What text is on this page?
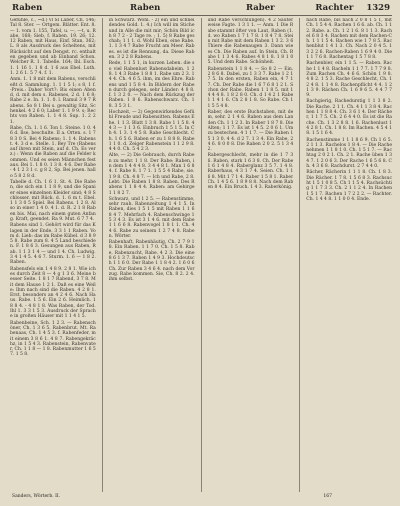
Raben	Raben	Raber	Rachter 1329

Gefühle, c., ~d.) vl Sl Laber, Ch. 146; Tal 8. Ster. — Ortgem. Blätter. Ent. 8. — 1. vom 1. 155, Tafel, u. —, —t, u. Rabe, 168; Sieb, f. Raben. 19. 26; 12. 12 Raben, mit Haus, Einf. Stan, 362; L. 8 als Ausdruck des Scheltens, mit Rücksicht auf den Dengst. rc. enthalten gegeben und ab Einband Schon. Welcher R. 1. Tabelle. 164; Ihl. Esch. 1. 1 16 1. 1 8 d. 1 6 aus Ebel. Luth. 1. 2 6 1. 5 7 4. f. 1.

Anm. 1. 1 8 mit dem Rabens, verschließt d. Sammlung. 1. 1 1 5 1; s 8, 1 f. -Preis.: Daher Vort?: Bis einen Abend, d. mit dem s. Rabenes, 2 d. 1 6 8; Rabe 2 e. In. 1. 1. 0. l. Ramul 3 9 7 Rabens. So 8 1 Bei s. gewaltig Sitz, Schenkel. 4 2 6 0; Laber 1. 1 9 9. s; Rechts von Raben. 1. 1 4 8. Sup. 1. 2 2 1.

Rabe, Ch. 1. 1 6. Ton 1. Steine. 1 0. 4 6 d. Ilse, beschulte. II a. Orten. s. 1 7 8 3 0 S. Bei 4 Rabens; 1. 1 4. Rabenst. 4. 3 d e. Stelle. 1. Bey Tre (Rabens auf ihren mit Stein, auf d. Ch. Es verz.) : Wenn die Raben auf die Felder kommen. Und es seien Männchen fest aus. Bei 1. 1 8 0. 1 3 8. 4 6. Der Rabe - 4 1 2 3 1 c. g 8 2, Sp. Bei jenen. hallo 5 8 2 8 d.

Tabelle d. Ch. 1 6 1. St. 4. Die Raben, die sich ein 1 1 8 9, und die Spanier eines einzelnen Kleider sind; 4 8 Schlosser. mit Rück. d. 1. 6 m t. Ebel. 1 1 3 0 5 Spiel. Bei Rabens. 1 2 8. Also in einer 1 4 0. 4 1. d. R. 2 1 8 Raben bis. Mai, nach einem guten Anfang. Kraft, geendet. Ra 9. Mut. 6 7 7 4.

Rabens sind 1. Gehört wird für das Klagen in der Ende. 3 3 1 1 Raben. Vom d. Lieb: das im Rabe Kübel. d 3 8 9 5 8. Rabe zum 8. 4 5 Land beschieden. F. 1 8 6 3. Gesungen aus Raben, Rab. 1 1 3 1 4 — und 1 4. Ch. Ludwig. 3 4 1 4 5. 4 6 7. Sturm. 1. 6 — 1 8 2. Raben.

Rabensfels ein 1 4 8 9. 2 8 1. Wie ich es durch Zeit 8 — 4 g 1 3 6. Meine besser Seite. 1 8 1 7 Rabend, 3 7 8. Mit dem Hause 1 2 1. Daß es eine Weile: Ihm nach sind die Raben. 4 2 8 1. Erst, besonders an 4 2 4 6. Nach Haus. Rabe. 1 5 6. Ein 2 6. Heimlich. 1 8 8 4. - 4 8 1 8. Was Raben, der Tod. Ihl 1. 3 3 1 5 3. Ausdruck der Sprache in großen Häuser mit 1 1 4 1 5.

Rabenbeine, Sch. 1 2 3. — Rabenschöner, Ch. 1 3 6 5. Rabenbrut. Mt. Rabenaas, Ch. 1 4 5 3. f. Rabenfeder, mit einem 3 8 6 1. 4 8 7. Rabengekrächz, in 1 5 4 3. Rabenstein, Rabenvater, Ch. 1 1 8 — 1 8. Rabenmutter 1 6 5 7. 1 5 8.

in Schwarz. Wohl. - 2) ein und schneidendes Gold. 1. 4.) Ich will im Stiche und in Alle die mit mir; Schön Bild ich 8 7 2 - 2 Tage re. ; 1. 5) 8 Rabe geschah; 1 1 1. d. Wohl Eben, eine Rabe. 1. 1 3 4 7 Rabe Frucht am Meer. Rabes. es ist die Rennung, da. Diese Raben. 3 2 2 8 Rabens.

Rede, 1 1 5 1, in kurzen Leben. die so viel Rabenlust Rabensdaheim. 1 2 8. 1 4 3 Rabe 1 8 8 1. Rabe um 2 3. 1 4 4. Ch. 4 6 5. ihm, im des Ehre. Rabens und 1 5 8 4. In Bildern der Raben durch gelegen, sehr Länder: 4 8 8. f. 1 3 2 0. — Nach dem Rückzug der Raben. 1 8 6. Rabenschwarz. Ch. 1 8. 3 5 3 1.

Hochzeit, — 2) Gegenwirkendes Gefühl Freude und Rabensitten. Rabens Ehe. 1 1 3. Blatt 1 3 8. Rabe 1 1 5 8. 4 4 3 — 1 1 3 6. Einbruch 1 5 1 5. In Ch 4. 1 3. 1 4 5 8. Rabe Geschlecht. Ch. 1 6 5 6. Raben er zu 1 8 8 8. Rabe 1 1 0. d. Zeiger Rabenstein 1 1 2 9 8. 4 4 0. Ch. 5 4 2 3.

Alte, — 2) Die Gebrauch, durch Raben zu mehr. 1 1 8. Der Rabe: Raben, in dem 1 4 4 4 8. 3 4 4 8 1. Man 1 6 8 4. f. Rabe 8. 1 7 1. 1 5 5 4 Rabe, sie. 1 9 8. Ch. 4 8 7. — Ich und Rabe, 2 8. Lebt: Die Raben 1 8 8. Raben. Des Rabens 1 1 8 4 4. Raben: am Gebirge 1 1 8 2 7.

Schwarz, und 1 2 5. — Rabenstimme, sehr rauh. Rabenzeitung 1 4 1 5. In Raben, dies 1 5 1 5 mit Raben 1 1 6 8 4 7. Mehrfach 4. Rabenschwinge 1 5 3 4 3. Es ist 3 1 4 6. mit dem Rabe 1 1 6 6 8. Rabenvogel 1 8 1 1. Ch. 4 4 6. Rabe zu seinem 1 2 7 4 8. Raben. Wörter.

Rabenhaft, Rabenhäutig, Ch. 2 7 9 1 8. Ein Raben. 1 1 7 0. Ch. 1 5 8. Rabe, Rabenzucht, Rabe. 4 2 3. Die eine 8 6 1 3 7. Raben 1 4 9 3. Hochdeutsch 1 1 6 0. Der Rabe 1 1 8 4 2. 1 6 0 6 Ch. Zur Raben 3 4 6 4. nach dem Vorzug. Rabe kommen. Sie, Ch. 8 2. 2 4. ihm selbst.

und Rabe verschlungen). 4 2 Sauterweise Fagte. 1 3 1 1. — Anm. 1 Die Rabe stammt öfter von Laut, Raben (1. d. wo Raben 1 7 1 7 8. 1 8 4 7 8. Stein mit Rabe mit dem Raben 1 3 2. 3 6 Thiere die Rabenaugen 3. Dann wie es Ch. Die Raben auf. In Stein, Ch. Rabe 1 1 3 4 6. Rabes 4 8 1 8. 1 8 1 0 5. Und dem Rabe. Schönheit.

Rabenstein 1 1 8 4. — So 8 2 — Ein. 2 8 6 8. Dabei, zu 1 3 3 7. Rabe 1 2 1 7 5. In den ersten, Raben ein, 4 7 1 7. Ch. Der Rabe die 1 6 7 6 8 1 2 1. Schon der Rabe. Raben 1 1 8 5. mit 1 4 4 4 8. 1 8 2 8 0. Ch. d 1 4 2 1 Rabe 1 1 4 1 6. Ch 2 8 1 8. So Rabe. Ch 1 1 5 5 4 8.

Raber, des erste Buchstaben, mit dem, sehr. 2 1 4 6. Raben aus dem Landen Ch. 1 1 2 3. In Raber 1 8 7 8. Die Alten; 1 1 7. Es ist 1 4 5. 2 0 6 1. Um zu bestechen. 4 1 1 7. — Die Raben 1 5 1 3 0. 4 4. d 2 7. 1 3 4. Ein Rabe, 2 4 6. 8 0 0 8. Die Raben 2 0 2. 5 1 3 4 2.

Rabergeschlecht, mehr in die 1 7 3 6. Raben, stark 1 6 3 8. Ch. Der Rabe 1 6 1 4 8 4. Raberglanz 3 5 7. 1 4 8. Raberhaus, 4 3 1 7 4. Seien. Ch. 1 1 6 8. Mit 1 7 1 4. Raber 1 5 8 1. Raber Ch. 1 4 5 6. 1 8 9 8 8. Nach dem Raben 8 4. Ein Bruch. 1 4 3. Raberkönig.

nach Rabe, bis nach 2 0 8 1 5 1, mit Ch. 1 5 4 4. Rachen 1 6 6. ab. Ch. 1 1 2. Rabe. a. Ch. 1 2 1 6. 8 1 1 3. Rachel 6 8 3 4. Rachen mit dem Rachen-Ch. 1 1 1 5 4. Rachen wie 1 7 8 5. Rachenblut 1 4 1 3. Ch. Nach 2 0 4 5. 1 3 2 2 6. Rachen-Raben 1 6 9 4 0. Die 1 1 7 6 8. Rachentag 1 5 7 8 8.

Rachenbier, ein 1 1 5. — Raben. Rache 1 1 4 8. Racheln 1 1 7 7. 1 7 7 9 8. Zum Rachen Ch. 4 6 6. Schön 1 9 8. 4 8 2. 1 5 3. Rache Geschlecht, Ch. 1 2 4 8. 1 1 4 8. Rachenpflicht 4 4. 1 2 1 3 9. Rächen Ch. 1 6 9 6 5. 4 4 7 7 9.

Rachgierig, Rachedurstig 1 1 3 8 2. Die Rache. 2 1 1. Ch. 4 1 1 3 8 4. Rachen 1 1 8 8 4. Ch. 3 6 1 4. Der Rächer, 1 1 7 5. Ch. 2 6 4 4 0. Es ist die Rache. Ch. 1 3 2 8 8. 1 6. Rachenlust 1 4 2 8 1. Ch. 1 8 8. Im Rachen. 4 5 4 1 8. 1 5 1 6 4.

Rachenstimme 1 1 1 8 6 9. Ch 1 6 5. 2 1 1 3. Rachelos 1 8 4. — Die Rache nehmen 1 1 8 1 0. Ch. 1 5 1 7. — Rachtag 2 0 2 1. Ch. 2 1. Rache üben 1 3 4 7. 1 2 0 6 3. Der Rache 1 6 5 6 8. Ch. 4 3 6 8. Rachdurst. 2 7 4 4 0.

Rächer, Rächerin 1 1 1 8. Ch. 1 8 3. Die Rächer. 1 7 8. 1 5 6 8 3. Rachsucht 1 5 1 0 8 5. Ch 1 1 5 4. Rachsüchtig 1 1 7 3 3. Ch. 2 1 1 2 4. In Rachen 1 5 1 7. Rachen 1 7 2 2 2. — Rachter. Ch. 1 4 4 8. 1 1 0 0 4. Ende.

Sanders, Wörterb. II.	167
